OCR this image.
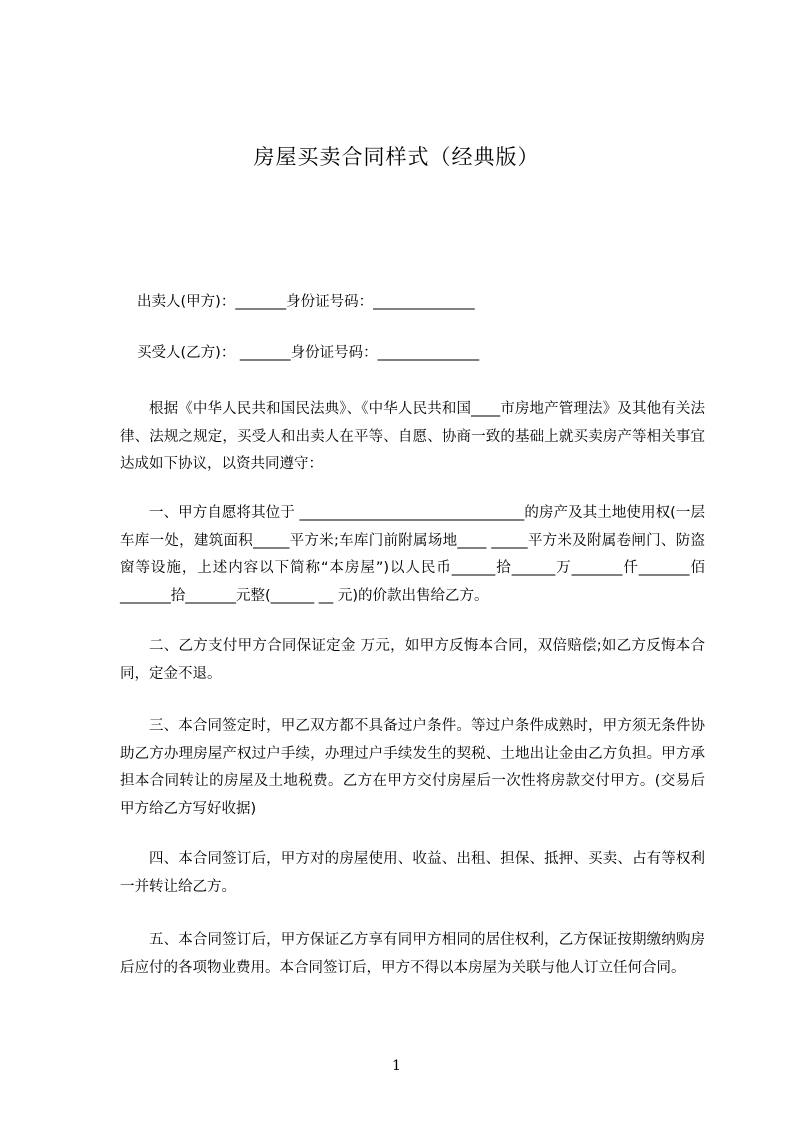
房屋买卖合同样式（经典版）
出卖人(甲方)：_______身份证号码：______________
买受人(乙方)： _______身份证号码：______________

根据《中华人民共和国民法典》、《中华人民共和国____市房地产管理法》及其他有关法律、法规之规定，买受人和出卖人在平等、自愿、协商一致的基础上就买卖房产等相关事宜达成如下协议，以资共同遵守：

一、甲方自愿将其位于 _______________________________的房产及其土地使用权(一层车库一处，建筑面积_____平方米;车库门前附属场地____ _____平方米及附属卷闸门、防盗窗等设施，上述内容以下简称“本房屋”)以人民币______拾______万_______仟_______佰_______拾_______元整(______ __ 元)的价款出售给乙方。

二、乙方支付甲方合同保证定金 万元，如甲方反悔本合同，双倍赔偿;如乙方反悔本合同，定金不退。

三、本合同签定时，甲乙双方都不具备过户条件。等过户条件成熟时，甲方须无条件协助乙方办理房屋产权过户手续，办理过户手续发生的契税、土地出让金由乙方负担。甲方承担本合同转让的房屋及土地税费。乙方在甲方交付房屋后一次性将房款交付甲方。(交易后甲方给乙方写好收据)

四、本合同签订后，甲方对的房屋使用、收益、出租、担保、抵押、买卖、占有等权利一并转让给乙方。

五、本合同签订后，甲方保证乙方享有同甲方相同的居住权利，乙方保证按期缴纳购房后应付的各项物业费用。本合同签订后，甲方不得以本房屋为关联与他人订立任何合同。

1
